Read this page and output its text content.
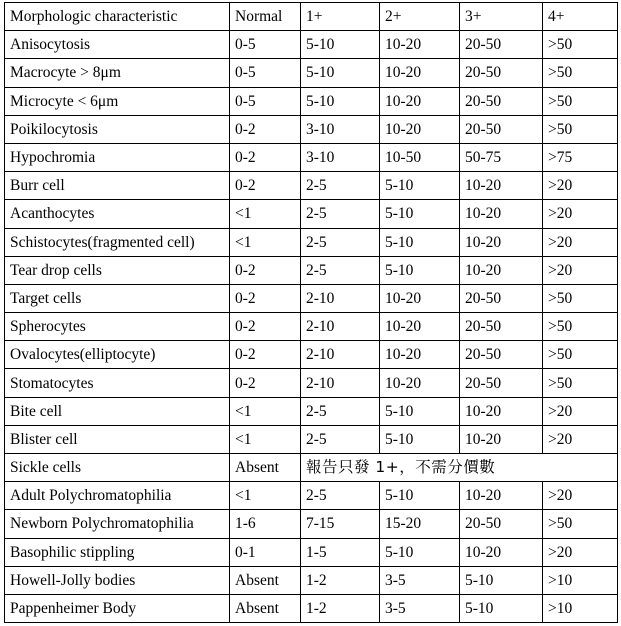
Morphologic characteristic	Normal	1+	2+	3+	4+
Anisocytosis	0-5	5-10	10-20	20-50	>50
Macrocyte > 8μm	0-5	5-10	10-20	20-50	>50
Microcyte < 6μm	0-5	5-10	10-20	20-50	>50
Poikilocytosis	0-2	3-10	10-20	20-50	>50
Hypochromia	0-2	3-10	10-50	50-75	>75
Burr cell	0-2	2-5	5-10	10-20	>20
Acanthocytes	<1	2-5	5-10	10-20	>20
Schistocytes(fragmented cell)	<1	2-5	5-10	10-20	>20
Tear drop cells	0-2	2-5	5-10	10-20	>20
Target cells	0-2	2-10	10-20	20-50	>50
Spherocytes	0-2	2-10	10-20	20-50	>50
Ovalocytes(elliptocyte)	0-2	2-10	10-20	20-50	>50
Stomatocytes	0-2	2-10	10-20	20-50	>50
Bite cell	<1	2-5	5-10	10-20	>20
Blister cell	<1	2-5	5-10	10-20	>20
Sickle cells	Absent	報告只發 1+，不需分價數			
Adult Polychromatophilia	<1	2-5	5-10	10-20	>20
Newborn Polychromatophilia	1-6	7-15	15-20	20-50	>50
Basophilic stippling	0-1	1-5	5-10	10-20	>20
Howell-Jolly bodies	Absent	1-2	3-5	5-10	>10
Pappenheimer Body	Absent	1-2	3-5	5-10	>10
